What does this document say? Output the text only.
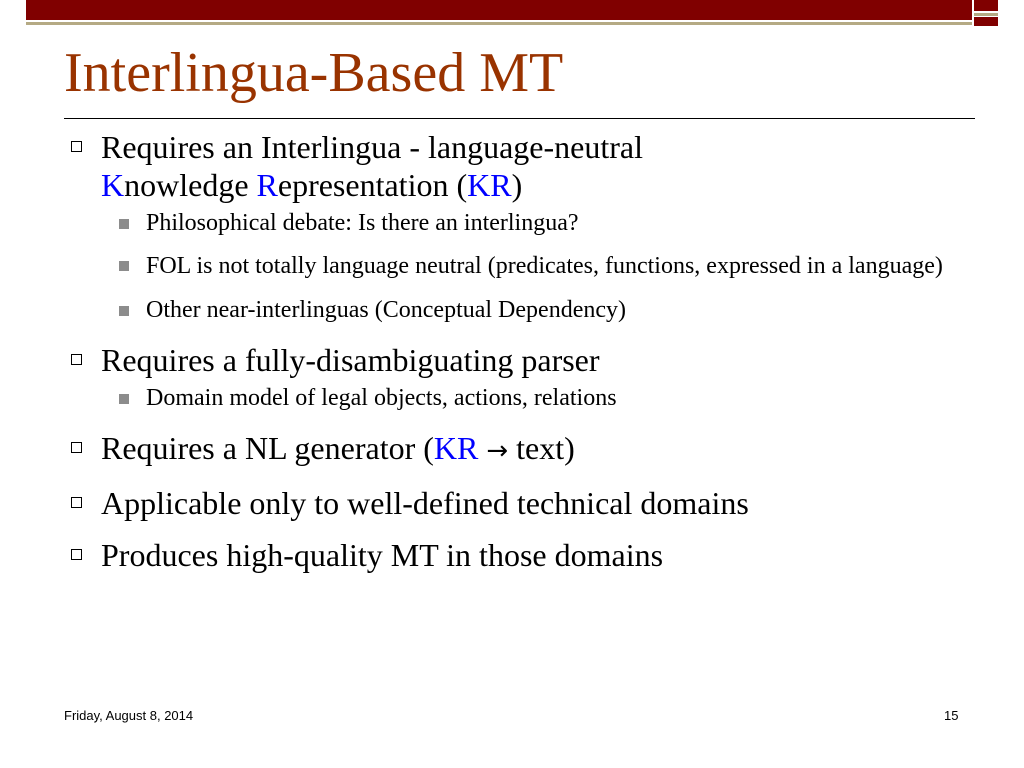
Interlingua-Based MT
Requires an Interlingua - language-neutral
Knowledge Representation (KR)
Philosophical debate: Is there an interlingua?
FOL is not totally language neutral (predicates, functions, expressed in a language)
Other near-interlinguas (Conceptual Dependency)
Requires a fully-disambiguating parser
Domain model of legal objects, actions, relations
Requires a NL generator (KR → text)
Applicable only to well-defined technical domains
Produces high-quality MT in those domains
Friday, August 8, 2014	15
